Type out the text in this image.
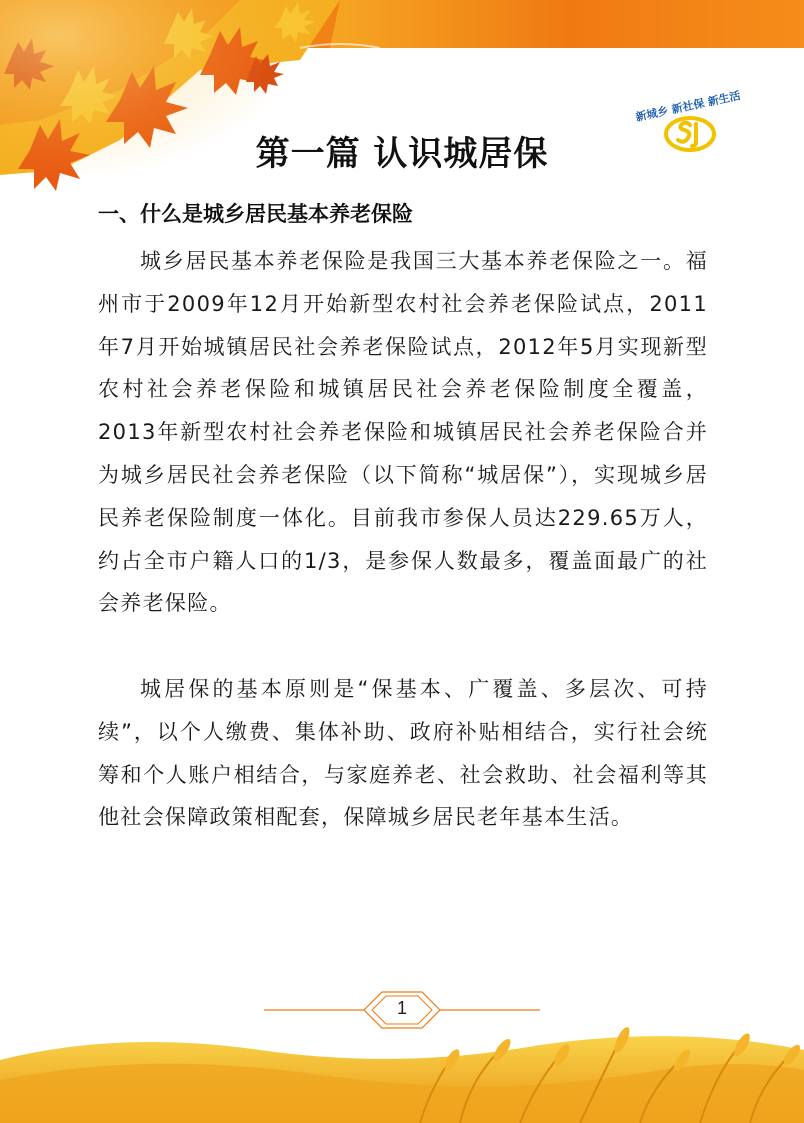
新城乡 新社保 新生活
第一篇 认识城居保
一、什么是城乡居民基本养老保险

城乡居民基本养老保险是我国三大基本养老保险之一。福州市于2009年12月开始新型农村社会养老保险试点，2011年7月开始城镇居民社会养老保险试点，2012年5月实现新型农村社会养老保险和城镇居民社会养老保险制度全覆盖，2013年新型农村社会养老保险和城镇居民社会养老保险合并为城乡居民社会养老保险（以下简称“城居保”），实现城乡居民养老保险制度一体化。目前我市参保人员达229.65万人，约占全市户籍人口的1/3，是参保人数最多，覆盖面最广的社会养老保险。

城居保的基本原则是“保基本、广覆盖、多层次、可持续”，以个人缴费、集体补助、政府补贴相结合，实行社会统筹和个人账户相结合，与家庭养老、社会救助、社会福利等其他社会保障政策相配套，保障城乡居民老年基本生活。

1
